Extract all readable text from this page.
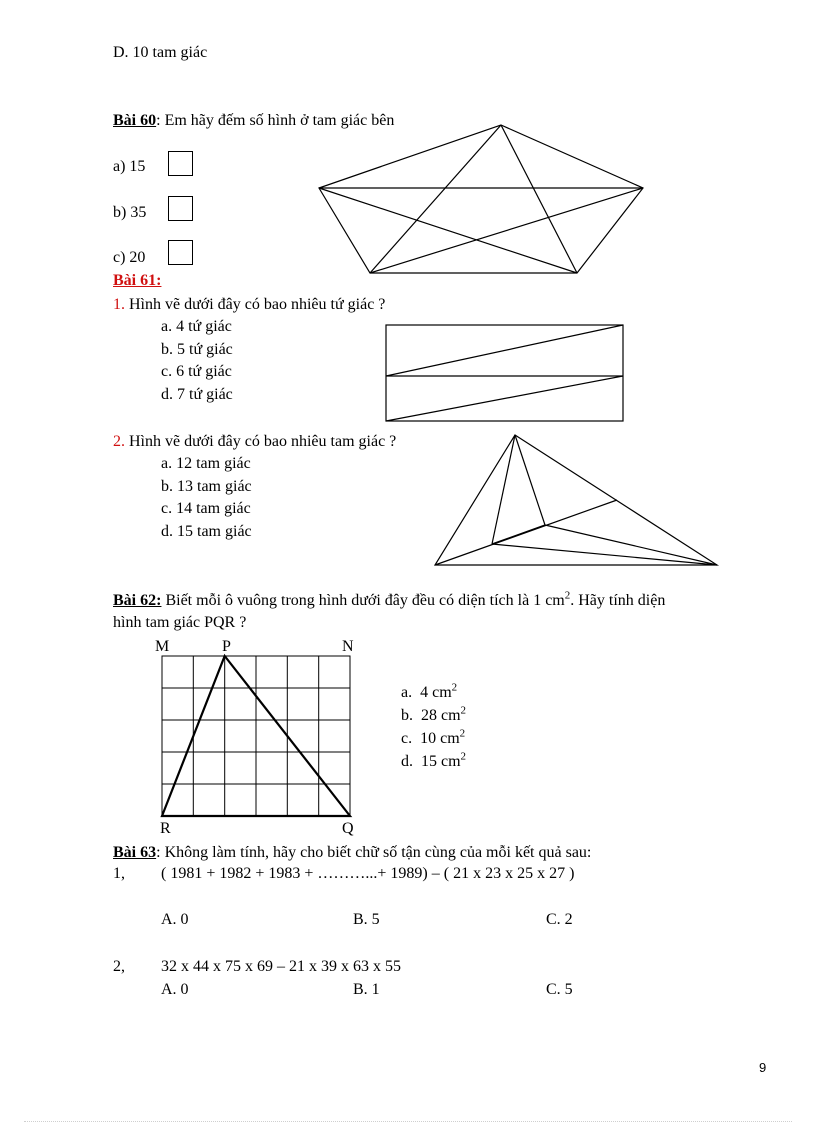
D. 10 tam giác
Bài 60: Em hãy đếm số hình ở tam giác bên
a) 15
b) 35
c) 20
Bài 61:
1. Hình vẽ dưới đây có bao nhiêu tứ giác ?
a. 4 tứ giác
b. 5 tứ giác
c. 6 tứ giác
d. 7 tứ giác
2. Hình vẽ dưới đây có bao nhiêu tam giác ?
a. 12 tam giác
b. 13 tam giác
c. 14 tam giác
d. 15 tam giác
Bài 62: Biết mỗi ô vuông trong hình dưới đây đều có diện tích là 1 $cm^2$. Hãy tính diện
hình tam giác PQR ?
M	P	N
R	Q
a. 4 $cm^2$
b. 28 $cm^2$
c. 10 $cm^2$
d. 15 $cm^2$
Bài 63: Không làm tính, hãy cho biết chữ số tận cùng của mỗi kết quả sau:
1, ( 1981 + 1982 + 1983 + ………...+ 1989) – ( 21 x 23 x 25 x 27 )
A. 0	B. 5	C. 2
2, 32 x 44 x 75 x 69 – 21 x 39 x 63 x 55
A. 0	B. 1	C. 5
9
